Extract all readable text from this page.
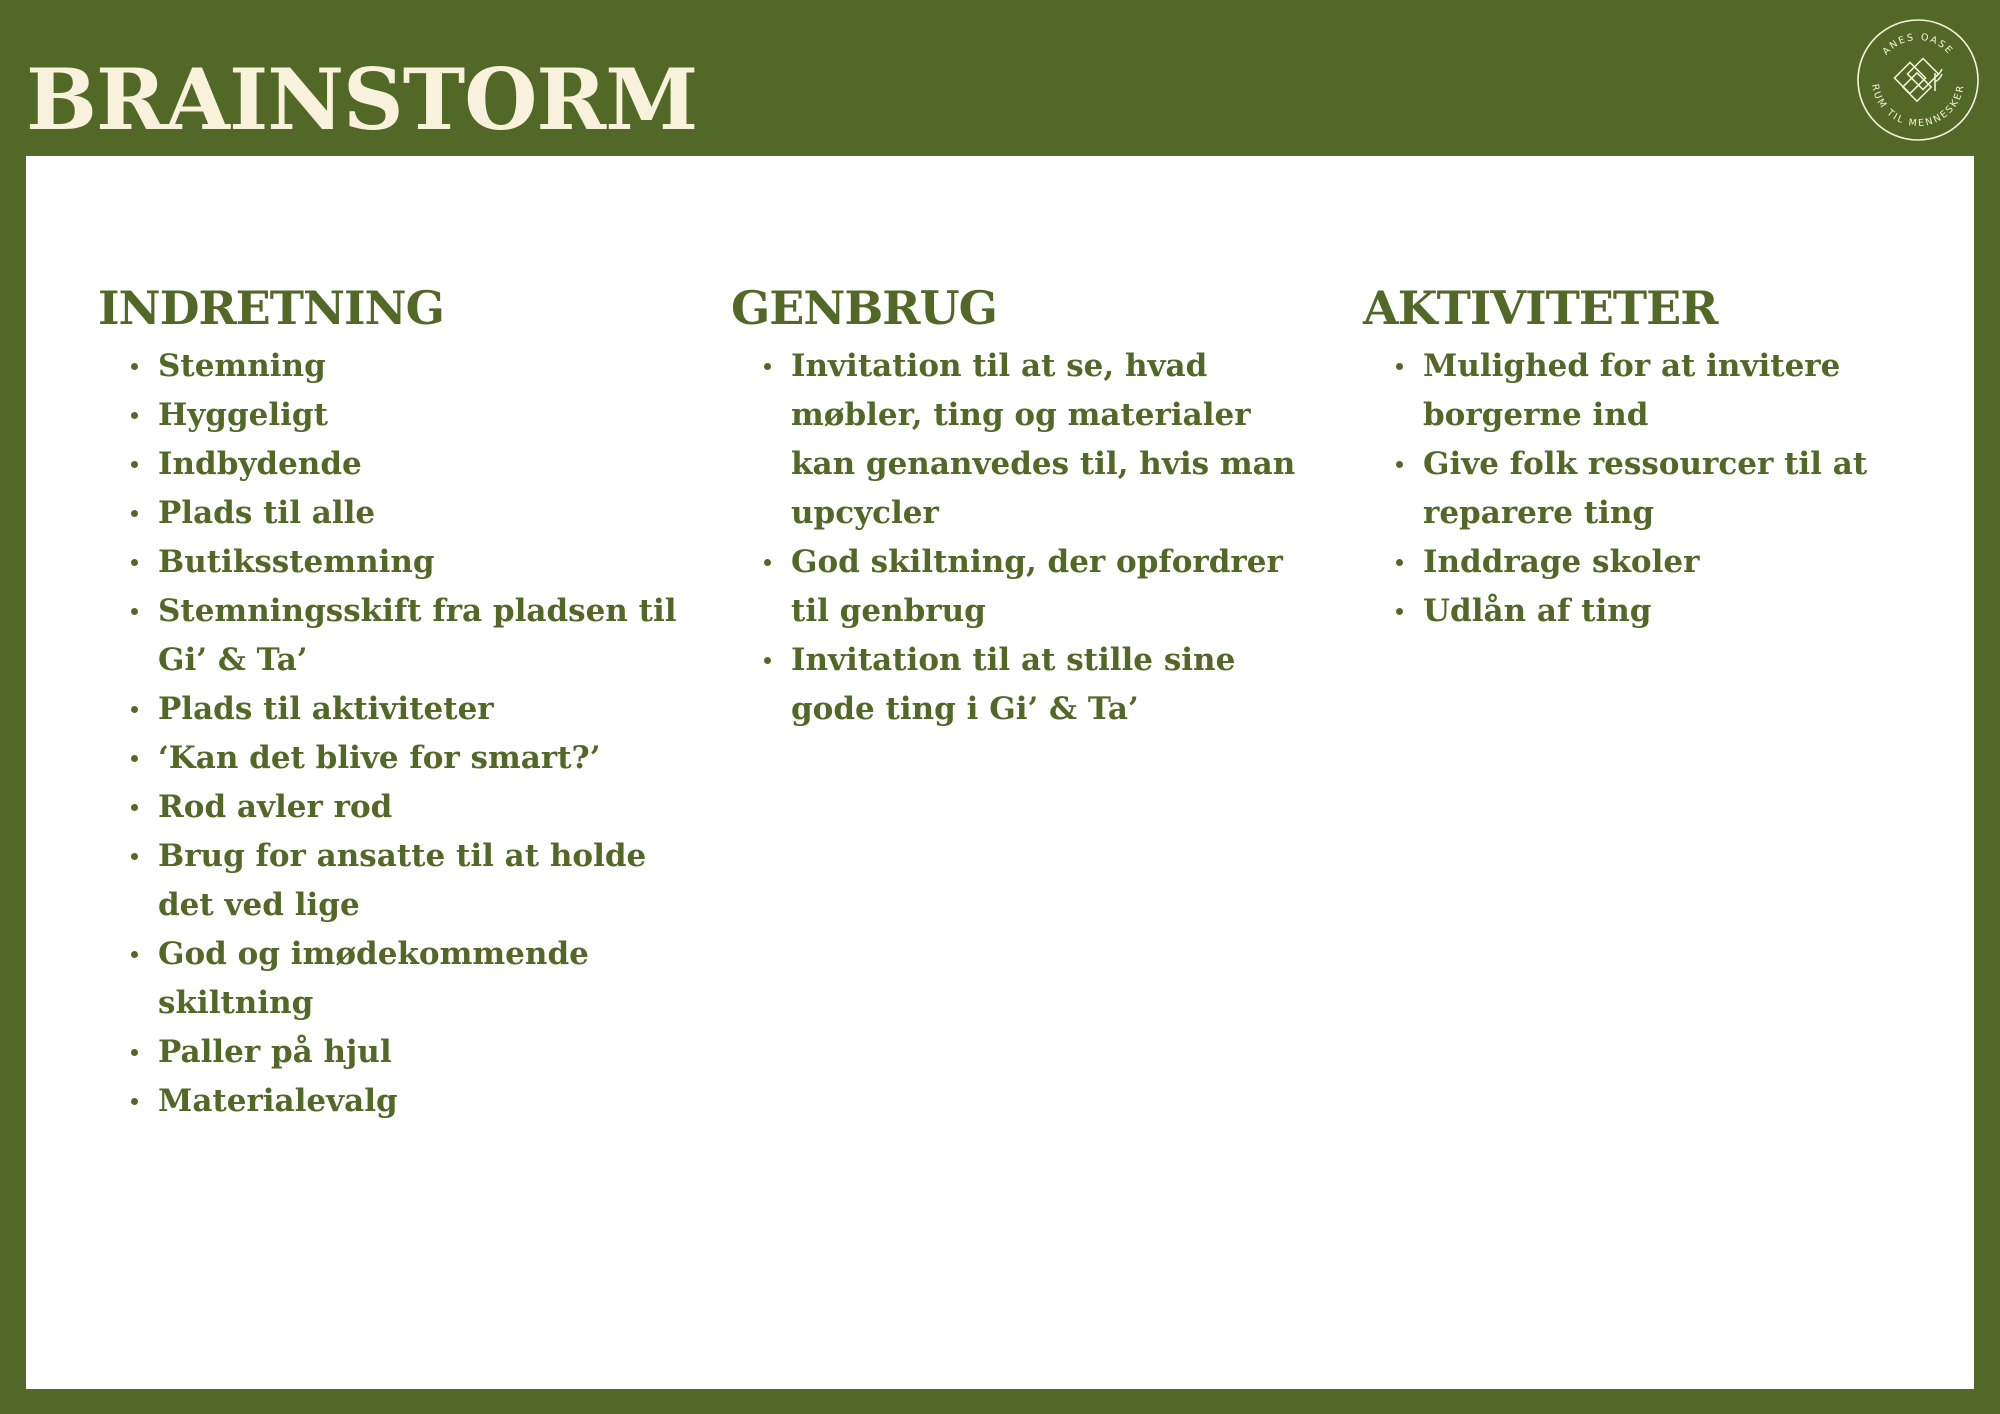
BRAINSTORM	ANES OASE
RUM TIL MENNESKER
INDRETNING
Stemning
Hyggeligt
Indbydende
Plads til alle
Butiksstemning
Stemningsskift fra pladsen til Gi’ & Ta’
Plads til aktiviteter
‘Kan det blive for smart?’
Rod avler rod
Brug for ansatte til at holde det ved lige
God og imødekommende skiltning
Paller på hjul
Materialevalg
GENBRUG
Invitation til at se, hvad møbler, ting og materialer kan genanvedes til, hvis man upcycler
God skiltning, der opfordrer til genbrug
Invitation til at stille sine gode ting i Gi’ & Ta’
AKTIVITETER
Mulighed for at invitere borgerne ind
Give folk ressourcer til at reparere ting
Inddrage skoler
Udlån af ting
